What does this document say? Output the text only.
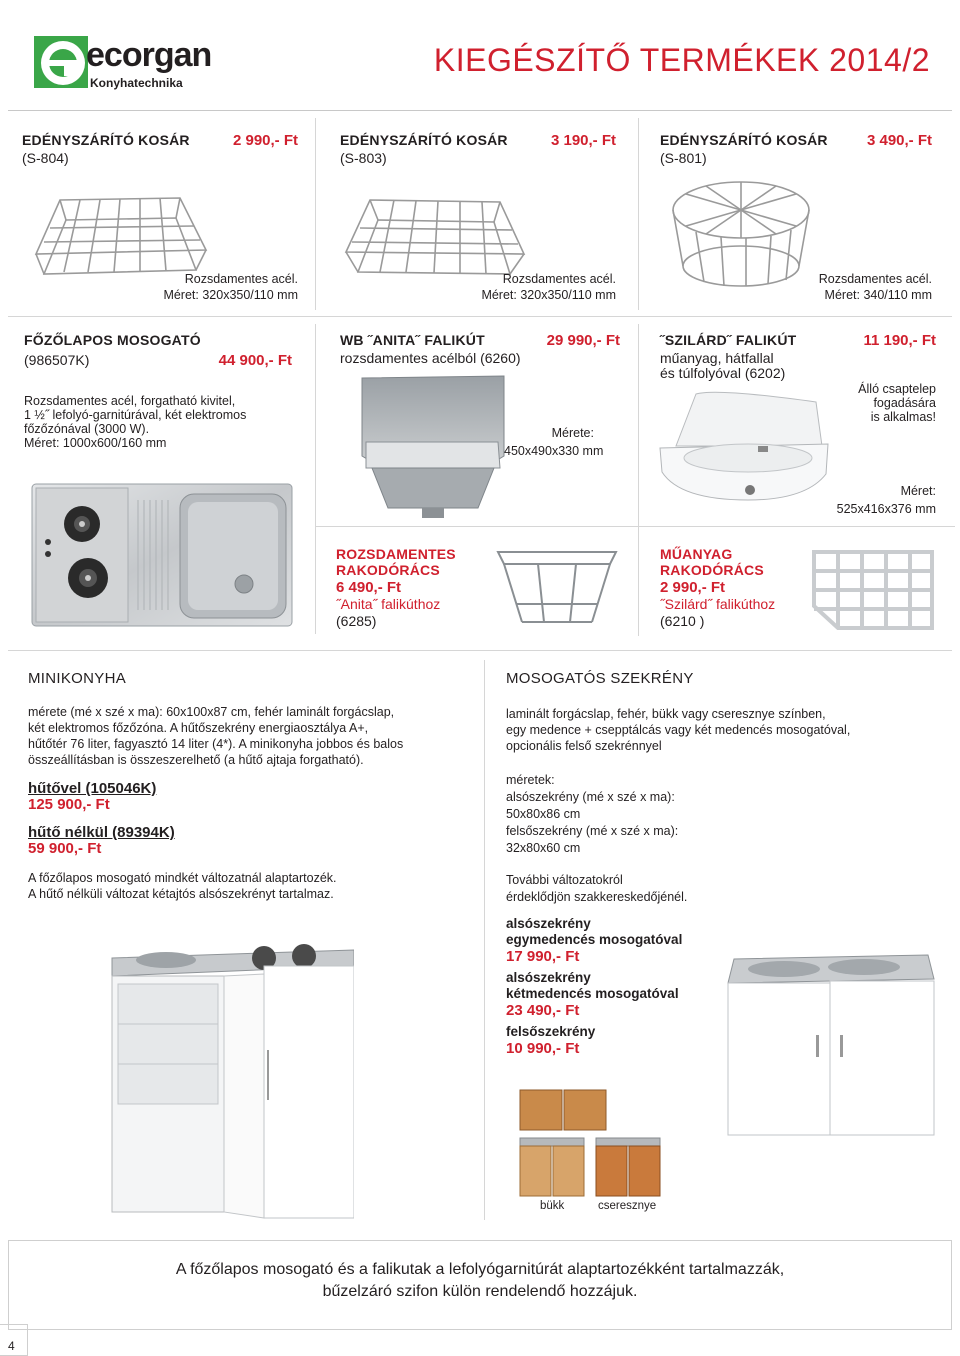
ecorgan
Konyhatechnika
KIEGÉSZÍTŐ TERMÉKEK 2014/2
EDÉNYSZÁRÍTÓ KOSÁR	2 990,- Ft
(S-804)
Rozsdamentes acél.
Méret: 320x350/110 mm
EDÉNYSZÁRÍTÓ KOSÁR	3 190,- Ft
(S-803)
Rozsdamentes acél.
Méret: 320x350/110 mm
EDÉNYSZÁRÍTÓ KOSÁR	3 490,- Ft
(S-801)
Rozsdamentes acél.
Méret: 340/110 mm
FŐZŐLAPOS MOSOGATÓ
(986507K)	44 900,- Ft
Rozsdamentes acél, forgatható kivitel,
1 ½˝ lefolyó-garnitúrával, két elektromos
főzőzónával (3000 W).
Méret: 1000x600/160 mm
WB ˝ANITA˝ FALIKÚT	29 990,- Ft
rozsdamentes acélból (6260)
Mérete:
450x490x330 mm
˝SZILÁRD˝ FALIKÚT	11 190,- Ft
műanyag, hátfallal
és túlfolyóval (6202)
Álló csaptelep
fogadására
is alkalmas!
Méret:
525x416x376 mm
ROZSDAMENTES
RAKODÓRÁCS
6 490,- Ft
˝Anita˝ falikúthoz
(6285)
MŰANYAG
RAKODÓRÁCS
2 990,- Ft
˝Szilárd˝ falikúthoz
(6210 )
MINIKONYHA
mérete (mé x szé x ma): 60x100x87 cm, fehér laminált forgácslap,
két elektromos főzőzóna. A hűtőszekrény energiaosztálya A+,
hűtőtér 76 liter, fagyasztó 14 liter (4*). A minikonyha jobbos és balos
összeállításban is összeszerelhető (a hűtő ajtaja forgatható).
hűtővel (105046K)
125 900,- Ft
hűtő nélkül (89394K)
59 900,- Ft
A főzőlapos mosogató mindkét változatnál alaptartozék.
A hűtő nélküli változat kétajtós alsószekrényt tartalmaz.
MOSOGATÓS SZEKRÉNY
laminált forgácslap, fehér, bükk vagy cseresznye színben,
egy medence + csepptálcás vagy két medencés mosogatóval,
opcionális felső szekrénnyel
méretek:
alsószekrény (mé x szé x ma):
50x80x86 cm
felsőszekrény (mé x szé x ma):
32x80x60 cm
További változatokról
érdeklődjön szakkereskedőjénél.
alsószekrény
egymedencés mosogatóval
17 990,- Ft
alsószekrény
kétmedencés mosogatóval
23 490,- Ft
felsőszekrény
10 990,- Ft
bükk	cseresznye
A főzőlapos mosogató és a falikutak a lefolyógarnitúrát alaptartozékként tartalmazzák,
bűzelzáró szifon külön rendelendő hozzájuk.
4
